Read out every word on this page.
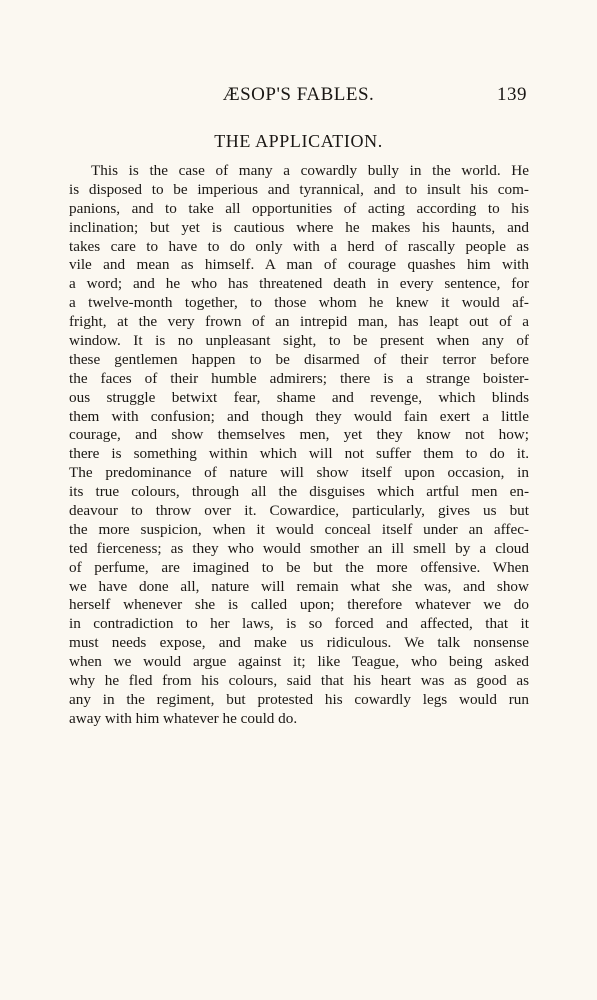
ÆSOP'S FABLES.	139
THE APPLICATION.
This is the case of many a cowardly bully in the world. He
is disposed to be imperious and tyrannical, and to insult his com-
panions, and to take all opportunities of acting according to his
inclination; but yet is cautious where he makes his haunts, and
takes care to have to do only with a herd of rascally people as
vile and mean as himself. A man of courage quashes him with
a word; and he who has threatened death in every sentence, for
a twelve-month together, to those whom he knew it would af-
fright, at the very frown of an intrepid man, has leapt out of a
window. It is no unpleasant sight, to be present when any of
these gentlemen happen to be disarmed of their terror before
the faces of their humble admirers; there is a strange boister-
ous struggle betwixt fear, shame and revenge, which blinds
them with confusion; and though they would fain exert a little
courage, and show themselves men, yet they know not how;
there is something within which will not suffer them to do it.
The predominance of nature will show itself upon occasion, in
its true colours, through all the disguises which artful men en-
deavour to throw over it. Cowardice, particularly, gives us but
the more suspicion, when it would conceal itself under an affec-
ted fierceness; as they who would smother an ill smell by a cloud
of perfume, are imagined to be but the more offensive. When
we have done all, nature will remain what she was, and show
herself whenever she is called upon; therefore whatever we do
in contradiction to her laws, is so forced and affected, that it
must needs expose, and make us ridiculous. We talk nonsense
when we would argue against it; like Teague, who being asked
why he fled from his colours, said that his heart was as good as
any in the regiment, but protested his cowardly legs would run
away with him whatever he could do.
